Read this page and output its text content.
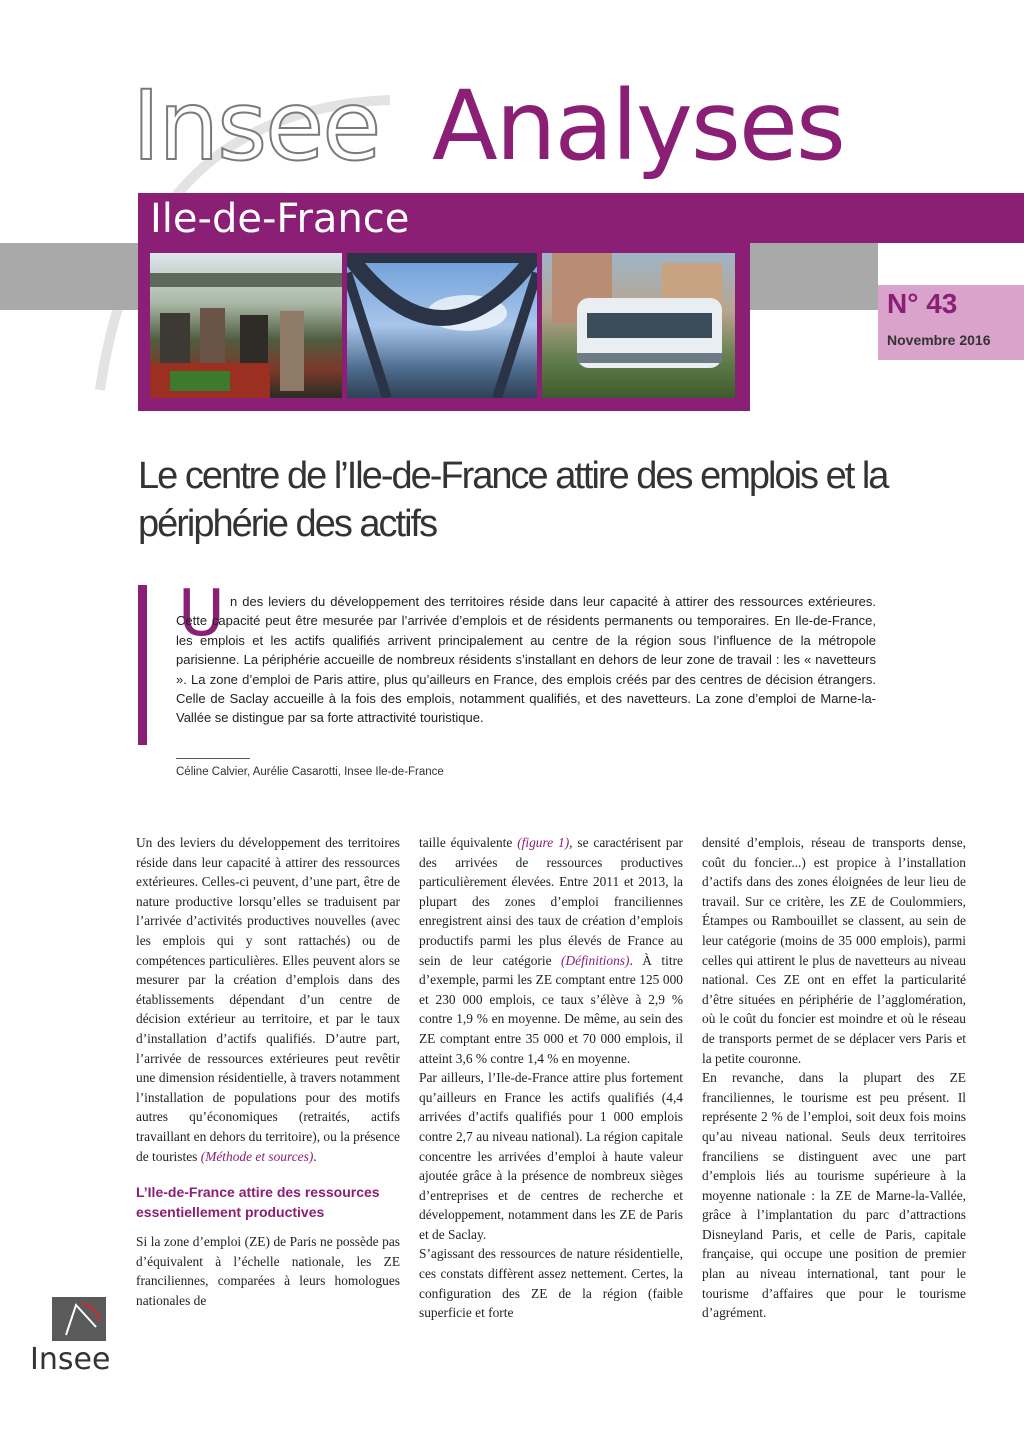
Insee Analyses
Ile-de-France
N° 43
Novembre 2016
Le centre de l’Ile-de-France attire des emplois et la périphérie des actifs
U n des leviers du développement des territoires réside dans leur capacité à attirer des ressources extérieures. Cette capacité peut être mesurée par l’arrivée d’emplois et de résidents permanents ou temporaires. En Ile-de-France, les emplois et les actifs qualifiés arrivent principalement au centre de la région sous l’influence de la métropole parisienne. La périphérie accueille de nombreux résidents s’installant en dehors de leur zone de travail : les « navetteurs ». La zone d’emploi de Paris attire, plus qu’ailleurs en France, des emplois créés par des centres de décision étrangers. Celle de Saclay accueille à la fois des emplois, notamment qualifiés, et des navetteurs. La zone d’emploi de Marne-la-Vallée se distingue par sa forte attractivité touristique.
Céline Calvier, Aurélie Casarotti, Insee Ile-de-France

Un des leviers du développement des territoires réside dans leur capacité à attirer des ressources extérieures. Celles-ci peuvent, d’une part, être de nature productive lorsqu’elles se traduisent par l’arrivée d’activités productives nouvelles (avec les emplois qui y sont rattachés) ou de compétences particulières. Elles peuvent alors se mesurer par la création d’emplois dans des établissements dépendant d’un centre de décision extérieur au territoire, et par le taux d’installation d’actifs qualifiés. D’autre part, l’arrivée de ressources extérieures peut revêtir une dimension résidentielle, à travers notamment l’installation de populations pour des motifs autres qu’économiques (retraités, actifs travaillant en dehors du territoire), ou la présence de touristes (Méthode et sources).

L’Ile-de-France attire des ressources essentiellement productives

Si la zone d’emploi (ZE) de Paris ne possède pas d’équivalent à l’échelle nationale, les ZE franciliennes, comparées à leurs homologues nationales de

taille équivalente (figure 1), se caractérisent par des arrivées de ressources productives particulièrement élevées. Entre 2011 et 2013, la plupart des zones d’emploi franciliennes enregistrent ainsi des taux de création d’emplois productifs parmi les plus élevés de France au sein de leur catégorie (Définitions). À titre d’exemple, parmi les ZE comptant entre 125 000 et 230 000 emplois, ce taux s’élève à 2,9 % contre 1,9 % en moyenne. De même, au sein des ZE comptant entre 35 000 et 70 000 emplois, il atteint 3,6 % contre 1,4 % en moyenne.

Par ailleurs, l’Ile-de-France attire plus fortement qu’ailleurs en France les actifs qualifiés (4,4 arrivées d’actifs qualifiés pour 1 000 emplois contre 2,7 au niveau national). La région capitale concentre les arrivées d’emploi à haute valeur ajoutée grâce à la présence de nombreux sièges d’entreprises et de centres de recherche et développement, notamment dans les ZE de Paris et de Saclay.

S’agissant des ressources de nature résidentielle, ces constats diffèrent assez nettement. Certes, la configuration des ZE de la région (faible superficie et forte

densité d’emplois, réseau de transports dense, coût du foncier...) est propice à l’installation d’actifs dans des zones éloignées de leur lieu de travail. Sur ce critère, les ZE de Coulommiers, Étampes ou Rambouillet se classent, au sein de leur catégorie (moins de 35 000 emplois), parmi celles qui attirent le plus de navetteurs au niveau national. Ces ZE ont en effet la particularité d’être situées en périphérie de l’agglomération, où le coût du foncier est moindre et où le réseau de transports permet de se déplacer vers Paris et la petite couronne.

En revanche, dans la plupart des ZE franciliennes, le tourisme est peu présent. Il représente 2 % de l’emploi, soit deux fois moins qu’au niveau national. Seuls deux territoires franciliens se distinguent avec une part d’emplois liés au tourisme supérieure à la moyenne nationale : la ZE de Marne-la-Vallée, grâce à l’implantation du parc d’attractions Disneyland Paris, et celle de Paris, capitale française, qui occupe une position de premier plan au niveau international, tant pour le tourisme d’affaires que pour le tourisme d’agrément.

Insee
